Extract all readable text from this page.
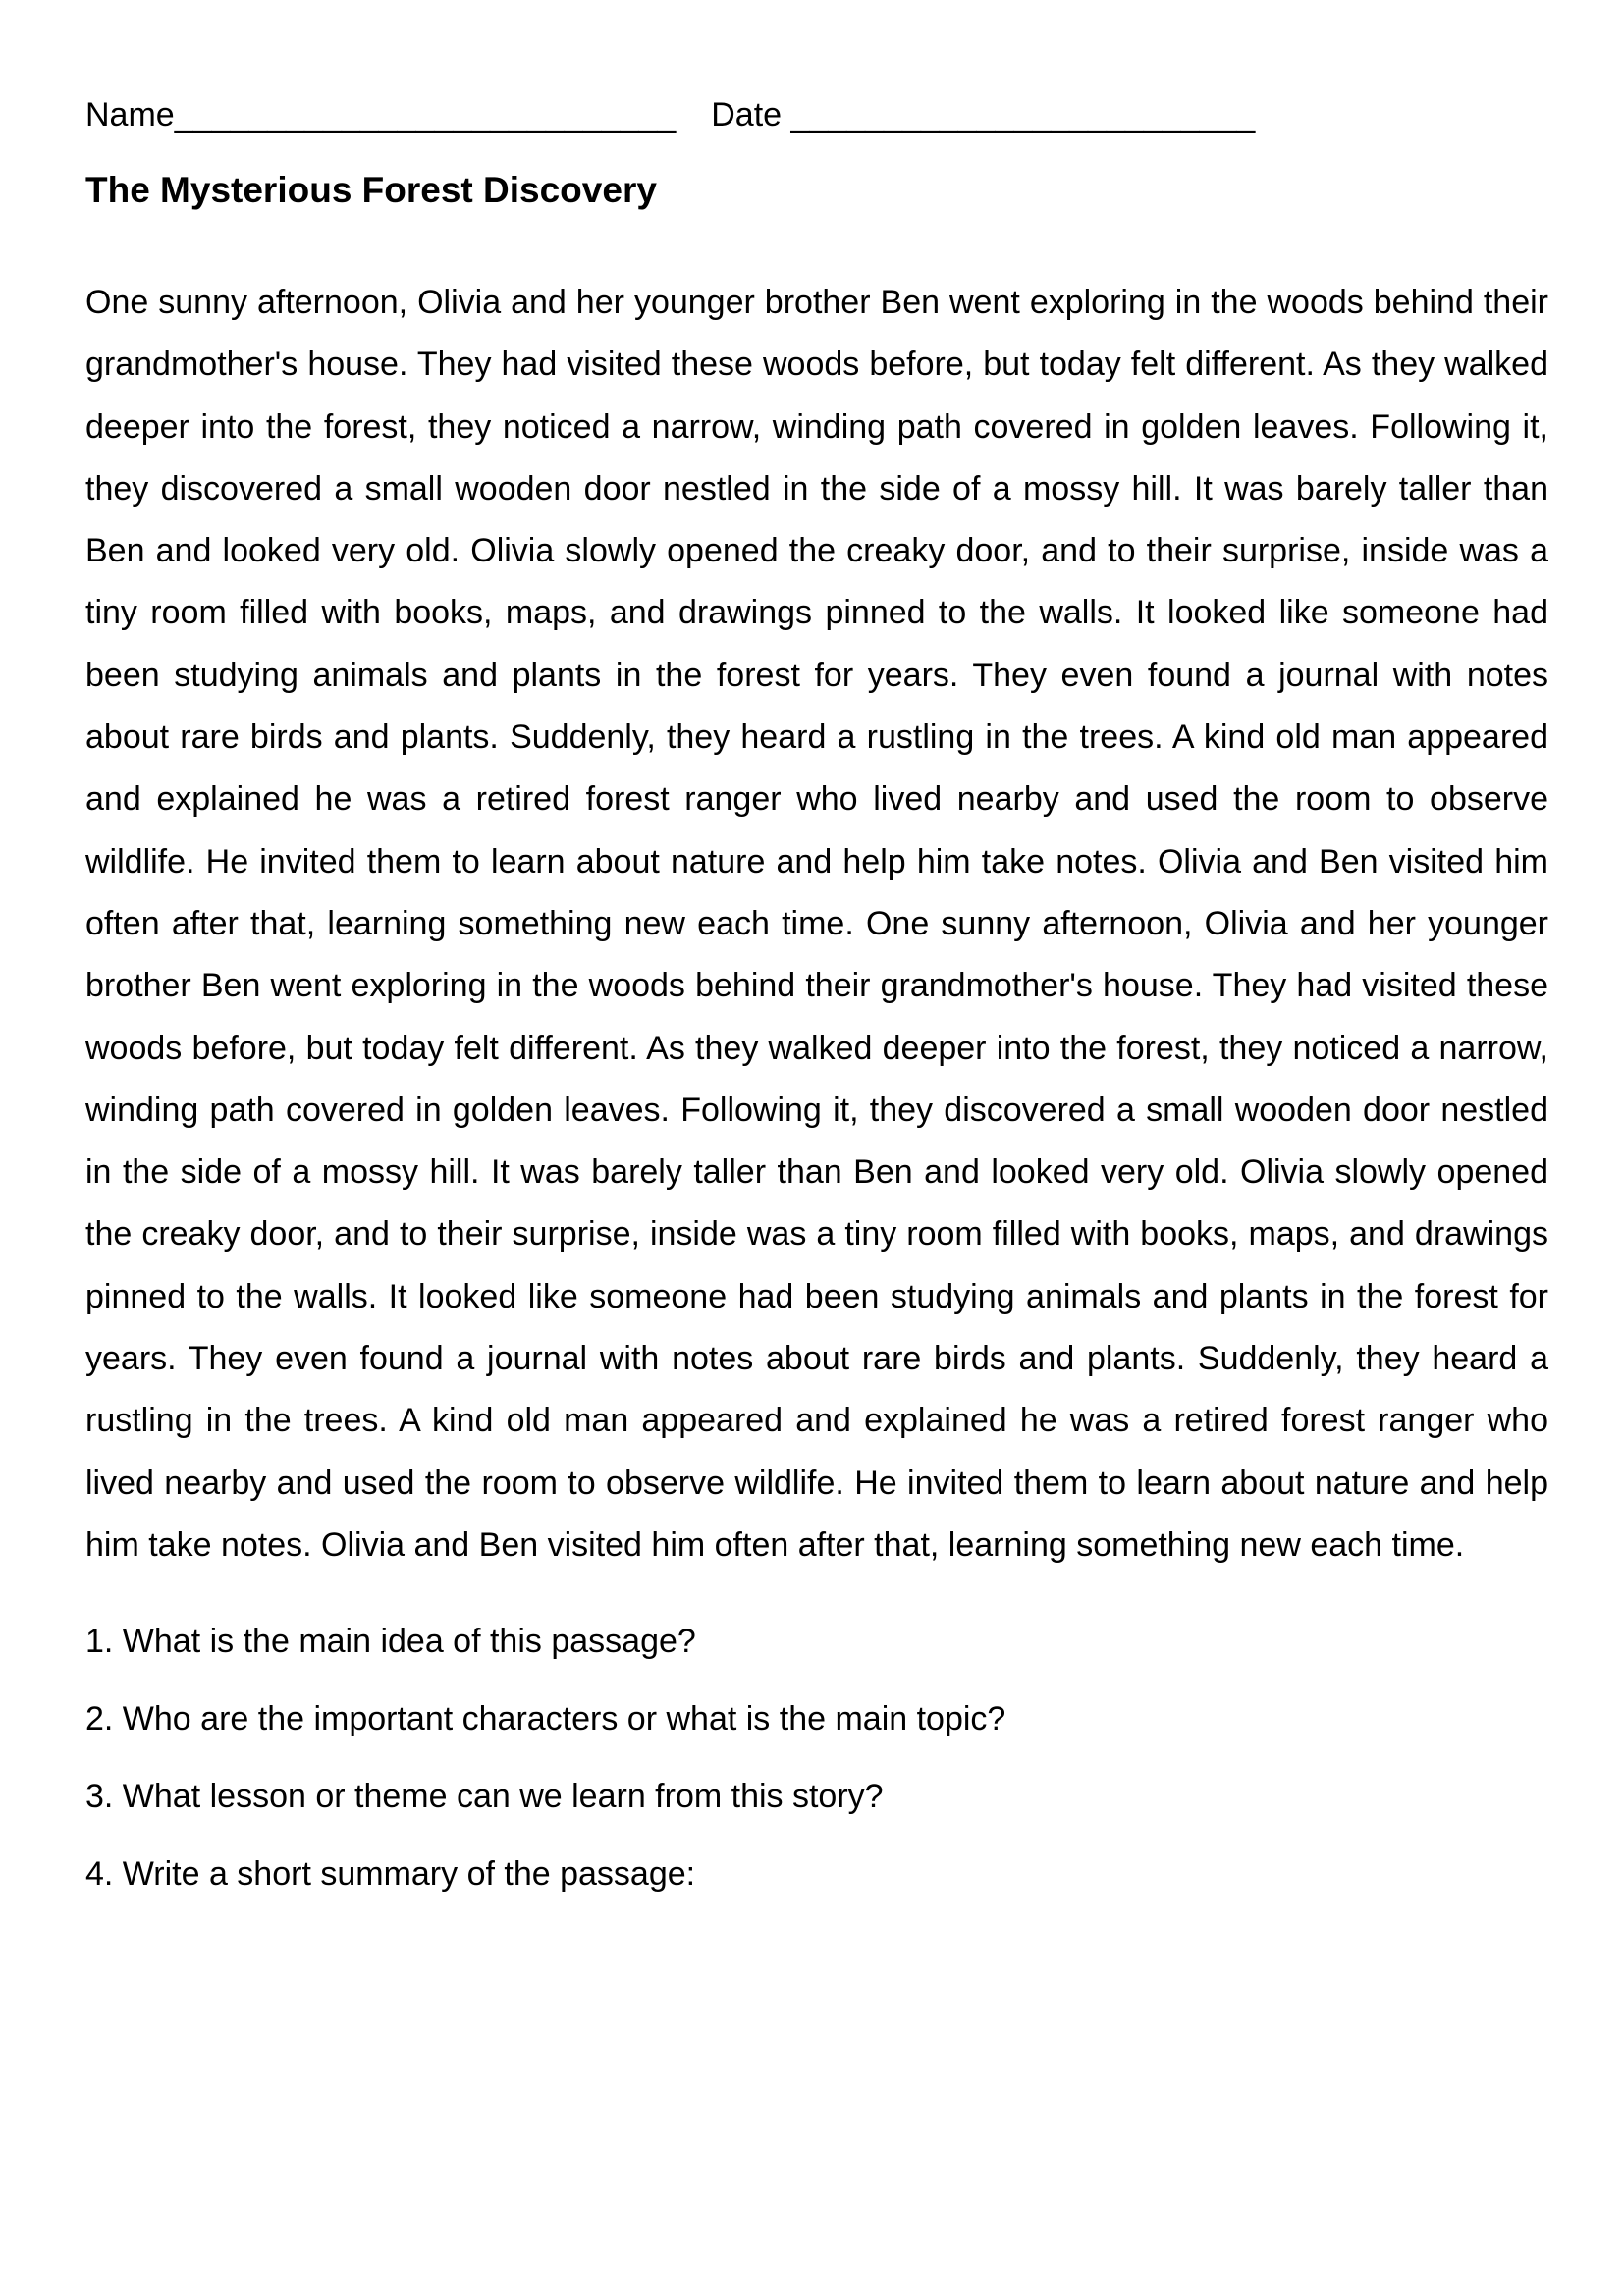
Name___________________________ Date _________________________
The Mysterious Forest Discovery

One sunny afternoon, Olivia and her younger brother Ben went exploring in the woods behind their grandmother's house. They had visited these woods before, but today felt different. As they walked deeper into the forest, they noticed a narrow, winding path covered in golden leaves. Following it, they discovered a small wooden door nestled in the side of a mossy hill. It was barely taller than Ben and looked very old. Olivia slowly opened the creaky door, and to their surprise, inside was a tiny room filled with books, maps, and drawings pinned to the walls. It looked like someone had been studying animals and plants in the forest for years. They even found a journal with notes about rare birds and plants. Suddenly, they heard a rustling in the trees. A kind old man appeared and explained he was a retired forest ranger who lived nearby and used the room to observe wildlife. He invited them to learn about nature and help him take notes. Olivia and Ben visited him often after that, learning something new each time. One sunny afternoon, Olivia and her younger brother Ben went exploring in the woods behind their grandmother's house. They had visited these woods before, but today felt different. As they walked deeper into the forest, they noticed a narrow, winding path covered in golden leaves. Following it, they discovered a small wooden door nestled in the side of a mossy hill. It was barely taller than Ben and looked very old. Olivia slowly opened the creaky door, and to their surprise, inside was a tiny room filled with books, maps, and drawings pinned to the walls. It looked like someone had been studying animals and plants in the forest for years. They even found a journal with notes about rare birds and plants. Suddenly, they heard a rustling in the trees. A kind old man appeared and explained he was a retired forest ranger who lived nearby and used the room to observe wildlife. He invited them to learn about nature and help him take notes. Olivia and Ben visited him often after that, learning something new each time.

1. What is the main idea of this passage?
2. Who are the important characters or what is the main topic?
3. What lesson or theme can we learn from this story?
4. Write a short summary of the passage:
